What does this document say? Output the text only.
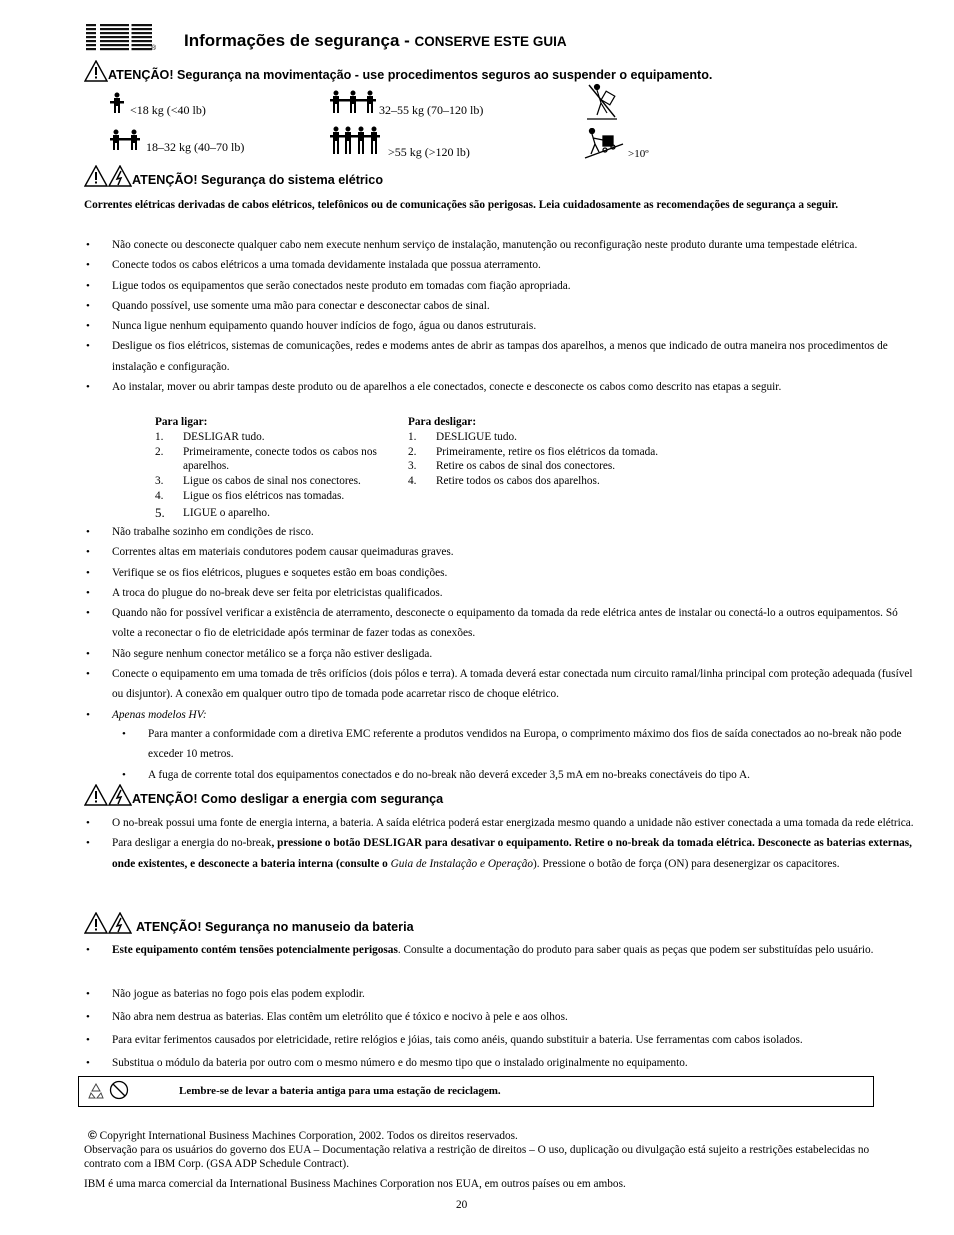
® Informações de segurança - CONSERVE ESTE GUIA
ATENÇÃO! Segurança na movimentação - use procedimentos seguros ao suspender o equipamento.
<18 kg (<40 lb)	32–55 kg (70–120 lb)
18–32 kg (40–70 lb)	>55 kg (>120 lb)	>10º
ATENÇÃO! Segurança do sistema elétrico
Correntes elétricas derivadas de cabos elétricos, telefônicos ou de comunicações são perigosas. Leia cuidadosamente as recomendações de segurança a seguir.
• Não conecte ou desconecte qualquer cabo nem execute nenhum serviço de instalação, manutenção ou reconfiguração neste produto durante uma tempestade elétrica.
• Conecte todos os cabos elétricos a uma tomada devidamente instalada que possua aterramento.
• Ligue todos os equipamentos que serão conectados neste produto em tomadas com fiação apropriada.
• Quando possível, use somente uma mão para conectar e desconectar cabos de sinal.
• Nunca ligue nenhum equipamento quando houver indícios de fogo, água ou danos estruturais.
• Desligue os fios elétricos, sistemas de comunicações, redes e modems antes de abrir as tampas dos aparelhos, a menos que indicado de outra maneira nos procedimentos de instalação e configuração.
• Ao instalar, mover ou abrir tampas deste produto ou de aparelhos a ele conectados, conecte e desconecte os cabos como descrito nas etapas a seguir.
Para ligar:
1.	DESLIGAR tudo.
2.	Primeiramente, conecte todos os cabos nos aparelhos.
3.	Ligue os cabos de sinal nos conectores.
4.	Ligue os fios elétricos nas tomadas.
5.	LIGUE o aparelho.
Para desligar:
1.	DESLIGUE tudo.
2.	Primeiramente, retire os fios elétricos da tomada.
3.	Retire os cabos de sinal dos conectores.
4.	Retire todos os cabos dos aparelhos.
• Não trabalhe sozinho em condições de risco.
• Correntes altas em materiais condutores podem causar queimaduras graves.
• Verifique se os fios elétricos, plugues e soquetes estão em boas condições.
• A troca do plugue do no-break deve ser feita por eletricistas qualificados.
• Quando não for possível verificar a existência de aterramento, desconecte o equipamento da tomada da rede elétrica antes de instalar ou conectá-lo a outros equipamentos. Só volte a reconectar o fio de eletricidade após terminar de fazer todas as conexões.
• Não segure nenhum conector metálico se a força não estiver desligada.
• Conecte o equipamento em uma tomada de três orifícios (dois pólos e terra). A tomada deverá estar conectada num circuito ramal/linha principal com proteção adequada (fusível ou disjuntor). A conexão em qualquer outro tipo de tomada pode acarretar risco de choque elétrico.
• Apenas modelos HV:
• Para manter a conformidade com a diretiva EMC referente a produtos vendidos na Europa, o comprimento máximo dos fios de saída conectados ao no-break não pode exceder 10 metros.
• A fuga de corrente total dos equipamentos conectados e do no-break não deverá exceder 3,5 mA em no-breaks conectáveis do tipo A.
ATENÇÃO! Como desligar a energia com segurança
• O no-break possui uma fonte de energia interna, a bateria. A saída elétrica poderá estar energizada mesmo quando a unidade não estiver conectada a uma tomada da rede elétrica.
• Para desligar a energia do no-break, pressione o botão DESLIGAR para desativar o equipamento. Retire o no-break da tomada elétrica. Desconecte as baterias externas, onde existentes, e desconecte a bateria interna (consulte o Guia de Instalação e Operação). Pressione o botão de força (ON) para desenergizar os capacitores.
ATENÇÃO! Segurança no manuseio da bateria
• Este equipamento contém tensões potencialmente perigosas. Consulte a documentação do produto para saber quais as peças que podem ser substituídas pelo usuário.
• Não jogue as baterias no fogo pois elas podem explodir.
• Não abra nem destrua as baterias. Elas contêm um eletrólito que é tóxico e nocivo à pele e aos olhos.
• Para evitar ferimentos causados por eletricidade, retire relógios e jóias, tais como anéis, quando substituir a bateria. Use ferramentas com cabos isolados.
• Substitua o módulo da bateria por outro com o mesmo número e do mesmo tipo que o instalado originalmente no equipamento.
Lembre-se de levar a bateria antiga para uma estação de reciclagem.
© Copyright International Business Machines Corporation, 2002. Todos os direitos reservados.
Observação para os usuários do governo dos EUA – Documentação relativa a restrição de direitos – O uso, duplicação ou divulgação está sujeito a restrições estabelecidas no contrato com a IBM Corp. (GSA ADP Schedule Contract).
IBM é uma marca comercial da International Business Machines Corporation nos EUA, em outros países ou em ambos.
20
